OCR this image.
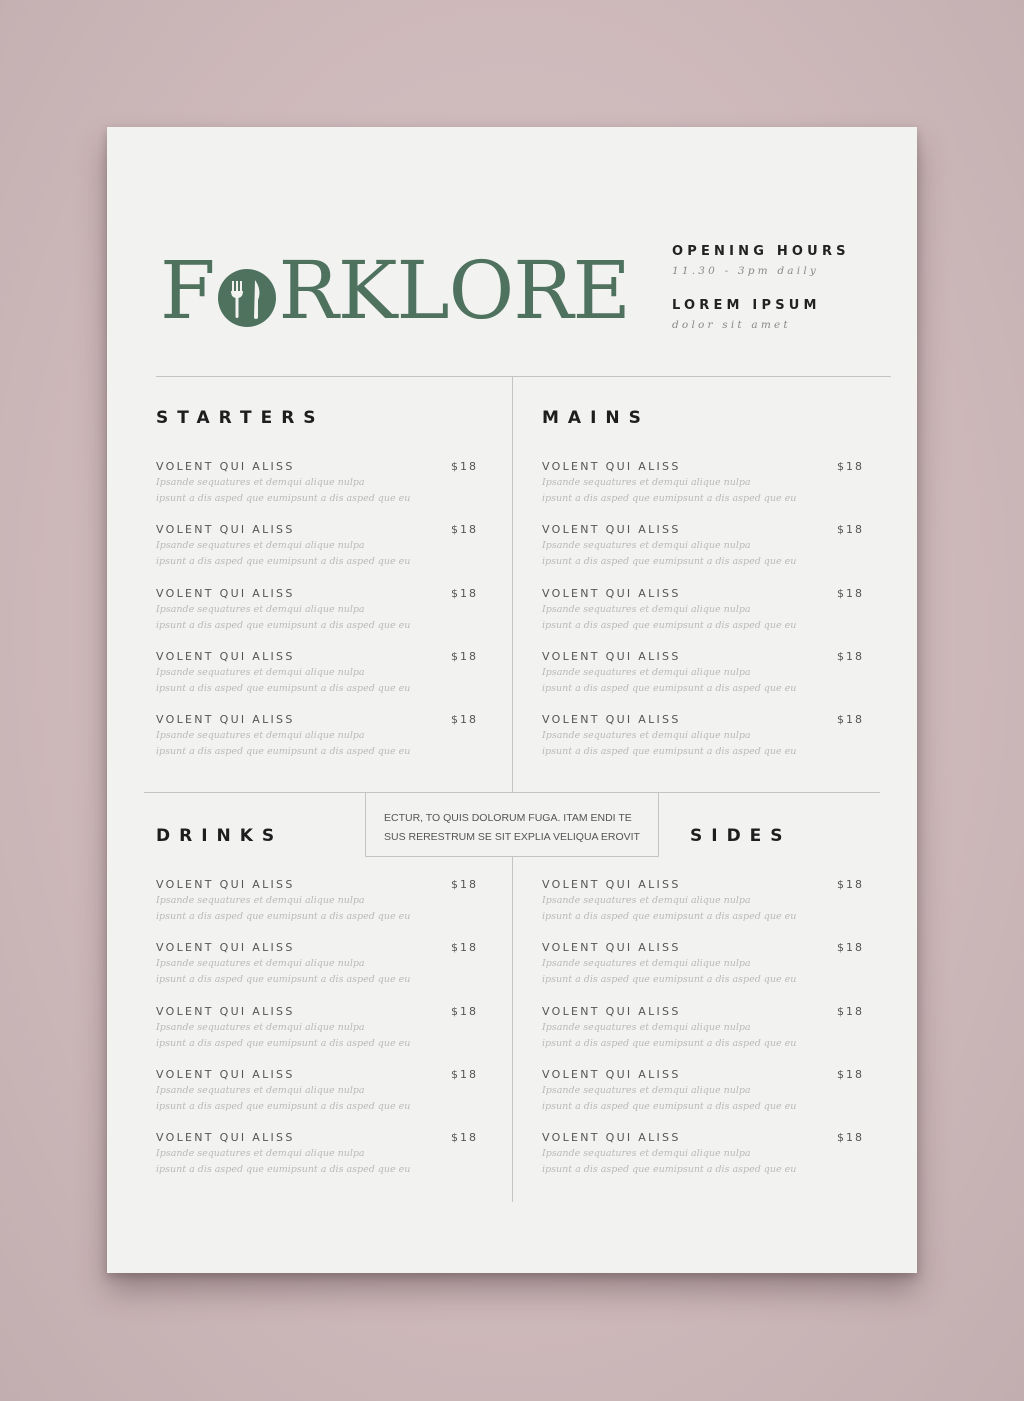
F RKLORE	OPENING HOURS
11.30 - 3pm daily
LOREM IPSUM
dolor sit amet
ECTUR, TO QUIS DOLORUM FUGA. ITAM ENDI TE
SUS RERESTRUM SE SIT EXPLIA VELIQUA EROVIT
STARTERS	MAINS
DRINKS	SIDES
VOLENT QUI ALISS	$18
Ipsande sequatures et demqui alique nulpa
ipsunt a dis asped que eumipsunt a dis asped que eu
VOLENT QUI ALISS	$18
Ipsande sequatures et demqui alique nulpa
ipsunt a dis asped que eumipsunt a dis asped que eu
VOLENT QUI ALISS	$18
Ipsande sequatures et demqui alique nulpa
ipsunt a dis asped que eumipsunt a dis asped que eu
VOLENT QUI ALISS	$18
Ipsande sequatures et demqui alique nulpa
ipsunt a dis asped que eumipsunt a dis asped que eu
VOLENT QUI ALISS	$18
Ipsande sequatures et demqui alique nulpa
ipsunt a dis asped que eumipsunt a dis asped que eu
VOLENT QUI ALISS	$18
Ipsande sequatures et demqui alique nulpa
ipsunt a dis asped que eumipsunt a dis asped que eu
VOLENT QUI ALISS	$18
Ipsande sequatures et demqui alique nulpa
ipsunt a dis asped que eumipsunt a dis asped que eu
VOLENT QUI ALISS	$18
Ipsande sequatures et demqui alique nulpa
ipsunt a dis asped que eumipsunt a dis asped que eu
VOLENT QUI ALISS	$18
Ipsande sequatures et demqui alique nulpa
ipsunt a dis asped que eumipsunt a dis asped que eu
VOLENT QUI ALISS	$18
Ipsande sequatures et demqui alique nulpa
ipsunt a dis asped que eumipsunt a dis asped que eu
VOLENT QUI ALISS	$18
Ipsande sequatures et demqui alique nulpa
ipsunt a dis asped que eumipsunt a dis asped que eu
VOLENT QUI ALISS	$18
Ipsande sequatures et demqui alique nulpa
ipsunt a dis asped que eumipsunt a dis asped que eu
VOLENT QUI ALISS	$18
Ipsande sequatures et demqui alique nulpa
ipsunt a dis asped que eumipsunt a dis asped que eu
VOLENT QUI ALISS	$18
Ipsande sequatures et demqui alique nulpa
ipsunt a dis asped que eumipsunt a dis asped que eu
VOLENT QUI ALISS	$18
Ipsande sequatures et demqui alique nulpa
ipsunt a dis asped que eumipsunt a dis asped que eu
VOLENT QUI ALISS	$18
Ipsande sequatures et demqui alique nulpa
ipsunt a dis asped que eumipsunt a dis asped que eu
VOLENT QUI ALISS	$18
Ipsande sequatures et demqui alique nulpa
ipsunt a dis asped que eumipsunt a dis asped que eu
VOLENT QUI ALISS	$18
Ipsande sequatures et demqui alique nulpa
ipsunt a dis asped que eumipsunt a dis asped que eu
VOLENT QUI ALISS	$18
Ipsande sequatures et demqui alique nulpa
ipsunt a dis asped que eumipsunt a dis asped que eu
VOLENT QUI ALISS	$18
Ipsande sequatures et demqui alique nulpa
ipsunt a dis asped que eumipsunt a dis asped que eu
